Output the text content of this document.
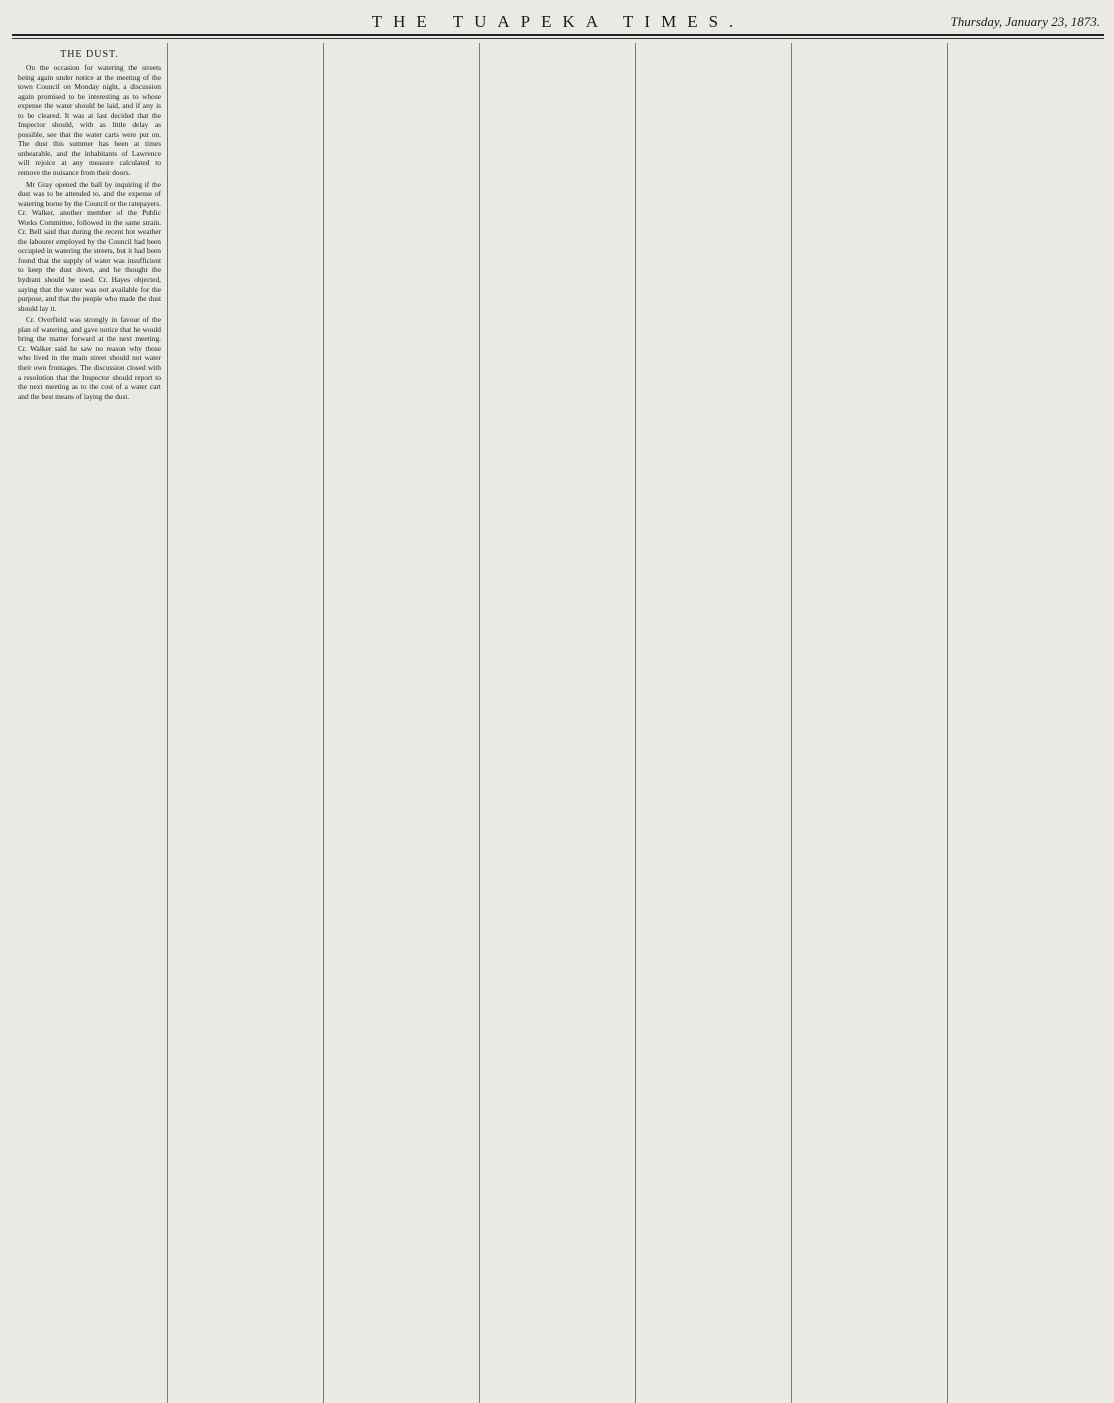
THE TUAPEKA TIMES.	Thursday, January 23, 1873.
THE DUST.

On the occasion for watering the streets being again under notice at the meeting of the town Council on Monday night, a discussion again promised to be interesting as to whose expense the water should be laid, and if any is to be cleared. It was at last decided that the Inspector should, with as little delay as possible, see that the water carts were put on. The dust this summer has been at times unbearable, and the inhabitants of Lawrence will rejoice at any measure calculated to remove the nuisance from their doors.

Mr Gray opened the ball by inquiring if the dust was to be attended to, and the expense of watering borne by the Council or the ratepayers. Cr. Walker, another member of the Public Works Committee, followed in the same strain. Cr. Bell said that during the recent hot weather the labourer employed by the Council had been occupied in watering the streets, but it had been found that the supply of water was insufficient to keep the dust down, and he thought the hydrant should be used. Cr. Hayes objected, saying that the water was not available for the purpose, and that the people who made the dust should lay it.

Cr. Overfield was strongly in favour of the plan of watering, and gave notice that he would bring the matter forward at the next meeting. Cr. Walker said he saw no reason why those who lived in the main street should not water their own frontages. The discussion closed with a resolution that the Inspector should report to the next meeting as to the cost of a water cart and the best means of laying the dust.
